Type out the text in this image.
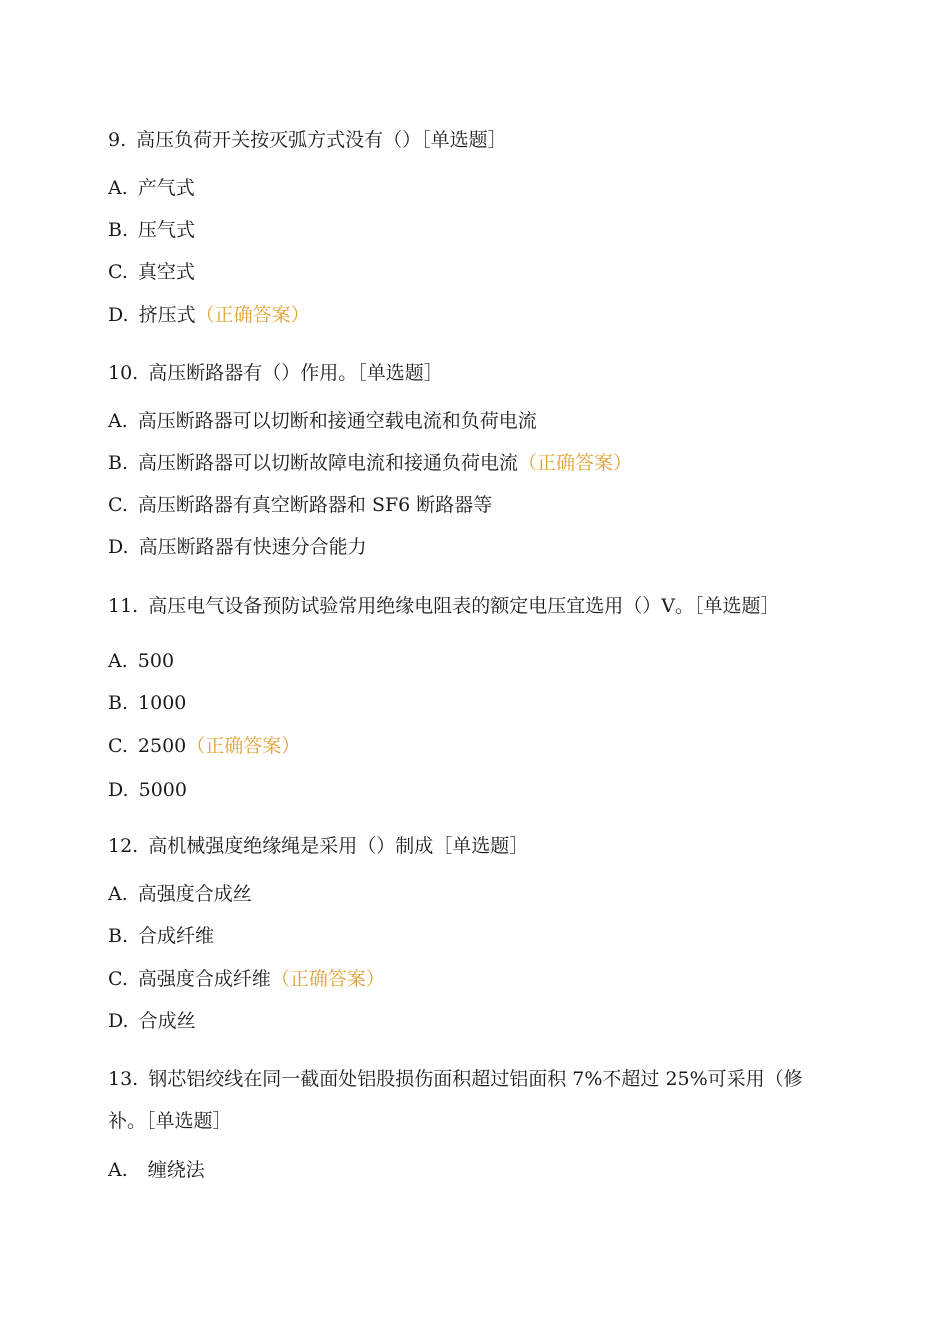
9. 高压负荷开关按灭弧方式没有（）［单选题］
A. 产气式
B. 压气式
C. 真空式
D. 挤压式（正确答案）
10. 高压断路器有（）作用。［单选题］
A. 高压断路器可以切断和接通空载电流和负荷电流
B. 高压断路器可以切断故障电流和接通负荷电流（正确答案）
C. 高压断路器有真空断路器和 SF6 断路器等
D. 高压断路器有快速分合能力
11. 高压电气设备预防试验常用绝缘电阻表的额定电压宜选用（）V。［单选题］
A. 500
B. 1000
C. 2500（正确答案）
D. 5000
12. 高机械强度绝缘绳是采用（）制成［单选题］
A. 高强度合成丝
B. 合成纤维
C. 高强度合成纤维（正确答案）
D. 合成丝
13. 钢芯铝绞线在同一截面处铝股损伤面积超过铝面积 7%不超过 25%可采用（修
补。［单选题］
A. 缠绕法
